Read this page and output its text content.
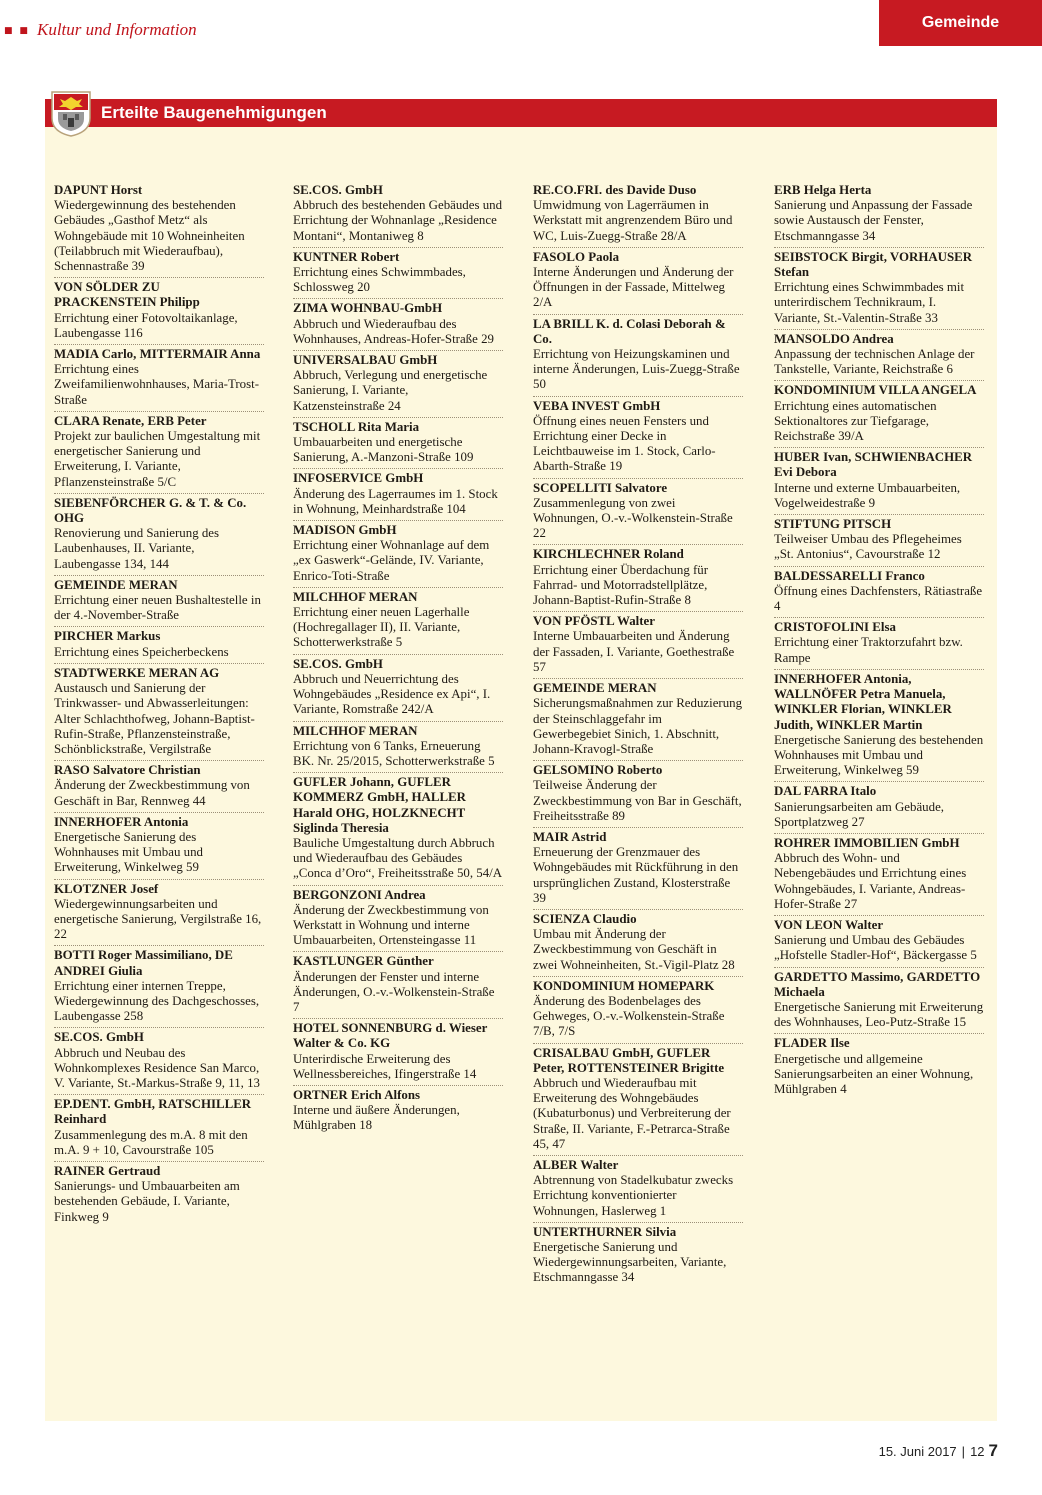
■ ■ Kultur und Information	Gemeinde
Erteilte Baugenehmigungen
DAPUNT Horst
Wiedergewinnung des bestehenden Gebäudes „Gasthof Metz“ als Wohngebäude mit 10 Wohneinheiten (Teilabbruch mit Wiederaufbau), Schennastraße 39
VON SÖLDER ZU PRACKENSTEIN Philipp
Errichtung einer Fotovoltaikanlage, Laubengasse 116
MADIA Carlo, MITTERMAIR Anna
Errichtung eines Zweifamilienwohnhauses, Maria-Trost-Straße
CLARA Renate, ERB Peter
Projekt zur baulichen Umgestaltung mit energetischer Sanierung und Erweiterung, I. Variante, Pflanzensteinstraße 5/C
SIEBENFÖRCHER G. & T. & Co. OHG
Renovierung und Sanierung des Laubenhauses, II. Variante, Laubengasse 134, 144
GEMEINDE MERAN
Errichtung einer neuen Bushaltestelle in der 4.-November-Straße
PIRCHER Markus
Errichtung eines Speicherbeckens
STADTWERKE MERAN AG
Austausch und Sanierung der Trinkwasser- und Abwasserleitungen: Alter Schlachthofweg, Johann-Baptist-Rufin-Straße, Pflanzensteinstraße, Schönblickstraße, Vergilstraße
RASO Salvatore Christian
Änderung der Zweckbestimmung von Geschäft in Bar, Rennweg 44
INNERHOFER Antonia
Energetische Sanierung des Wohnhauses mit Umbau und Erweiterung, Winkelweg 59
KLOTZNER Josef
Wiedergewinnungsarbeiten und energetische Sanierung, Vergilstraße 16, 22
BOTTI Roger Massimiliano, DE ANDREI Giulia
Errichtung einer internen Treppe, Wiedergewinnung des Dachgeschosses, Laubengasse 258
SE.COS. GmbH
Abbruch und Neubau des Wohnkomplexes Residence San Marco, V. Variante, St.-Markus-Straße 9, 11, 13
EP.DENT. GmbH, RATSCHILLER Reinhard
Zusammenlegung des m.A. 8 mit den m.A. 9 + 10, Cavourstraße 105
RAINER Gertraud
Sanierungs- und Umbauarbeiten am bestehenden Gebäude, I. Variante, Finkweg 9
SE.COS. GmbH
Abbruch des bestehenden Gebäudes und Errichtung der Wohnanlage „Residence Montani“, Montaniweg 8
KUNTNER Robert
Errichtung eines Schwimmbades, Schlossweg 20
ZIMA WOHNBAU-GmbH
Abbruch und Wiederaufbau des Wohnhauses, Andreas-Hofer-Straße 29
UNIVERSALBAU GmbH
Abbruch, Verlegung und energetische Sanierung, I. Variante, Katzensteinstraße 24
TSCHOLL Rita Maria
Umbauarbeiten und energetische Sanierung, A.-Manzoni-Straße 109
INFOSERVICE GmbH
Änderung des Lagerraumes im 1. Stock in Wohnung, Meinhardstraße 104
MADISON GmbH
Errichtung einer Wohnanlage auf dem „ex Gaswerk“-Gelände, IV. Variante, Enrico-Toti-Straße
MILCHHOF MERAN
Errichtung einer neuen Lagerhalle (Hochregallager II), II. Variante, Schotterwerkstraße 5
SE.COS. GmbH
Abbruch und Neuerrichtung des Wohngebäudes „Residence ex Api“, I. Variante, Romstraße 242/A
MILCHHOF MERAN
Errichtung von 6 Tanks, Erneuerung BK. Nr. 25/2015, Schotterwerkstraße 5
GUFLER Johann, GUFLER KOMMERZ GmbH, HALLER Harald OHG, HOLZKNECHT Siglinda Theresia
Bauliche Umgestaltung durch Abbruch und Wiederaufbau des Gebäudes „Conca d’Oro“, Freiheitsstraße 50, 54/A
BERGONZONI Andrea
Änderung der Zweckbestimmung von Werkstatt in Wohnung und interne Umbauarbeiten, Ortensteingasse 11
KASTLUNGER Günther
Änderungen der Fenster und interne Änderungen, O.-v.-Wolkenstein-Straße 7
HOTEL SONNENBURG d. Wieser Walter & Co. KG
Unterirdische Erweiterung des Wellnessbereiches, Ifingerstraße 14
ORTNER Erich Alfons
Interne und äußere Änderungen, Mühlgraben 18
RE.CO.FRI. des Davide Duso
Umwidmung von Lagerräumen in Werkstatt mit angrenzendem Büro und WC, Luis-Zuegg-Straße 28/A
FASOLO Paola
Interne Änderungen und Änderung der Öffnungen in der Fassade, Mittelweg 2/A
LA BRILL K. d. Colasi Deborah & Co.
Errichtung von Heizungskaminen und interne Änderungen, Luis-Zuegg-Straße 50
VEBA INVEST GmbH
Öffnung eines neuen Fensters und Errichtung einer Decke in Leichtbauweise im 1. Stock, Carlo-Abarth-Straße 19
SCOPELLITI Salvatore
Zusammenlegung von zwei Wohnungen, O.-v.-Wolkenstein-Straße 22
KIRCHLECHNER Roland
Errichtung einer Überdachung für Fahrrad- und Motorradstellplätze, Johann-Baptist-Rufin-Straße 8
VON PFÖSTL Walter
Interne Umbauarbeiten und Änderung der Fassaden, I. Variante, Goethestraße 57
GEMEINDE MERAN
Sicherungsmaßnahmen zur Reduzierung der Steinschlaggefahr im Gewerbegebiet Sinich, 1. Abschnitt, Johann-Kravogl-Straße
GELSOMINO Roberto
Teilweise Änderung der Zweckbestimmung von Bar in Geschäft, Freiheitsstraße 89
MAIR Astrid
Erneuerung der Grenzmauer des Wohngebäudes mit Rückführung in den ursprünglichen Zustand, Klosterstraße 39
SCIENZA Claudio
Umbau mit Änderung der Zweckbestimmung von Geschäft in zwei Wohneinheiten, St.-Vigil-Platz 28
KONDOMINIUM HOMEPARK
Änderung des Bodenbelages des Gehweges, O.-v.-Wolkenstein-Straße 7/B, 7/S
CRISALBAU GmbH, GUFLER Peter, ROTTENSTEINER Brigitte
Abbruch und Wiederaufbau mit Erweiterung des Wohngebäudes (Kubaturbonus) und Verbreiterung der Straße, II. Variante, F.-Petrarca-Straße 45, 47
ALBER Walter
Abtrennung von Stadelkubatur zwecks Errichtung konventionierter Wohnungen, Haslerweg 1
UNTERTHURNER Silvia
Energetische Sanierung und Wiedergewinnungsarbeiten, Variante, Etschmanngasse 34
ERB Helga Herta
Sanierung und Anpassung der Fassade sowie Austausch der Fenster, Etschmanngasse 34
SEIBSTOCK Birgit, VORHAUSER Stefan
Errichtung eines Schwimmbades mit unterirdischem Technikraum, I. Variante, St.-Valentin-Straße 33
MANSOLDO Andrea
Anpassung der technischen Anlage der Tankstelle, Variante, Reichstraße 6
KONDOMINIUM VILLA ANGELA
Errichtung eines automatischen Sektionaltores zur Tiefgarage, Reichstraße 39/A
HUBER Ivan, SCHWIENBACHER Evi Debora
Interne und externe Umbauarbeiten, Vogelweidestraße 9
STIFTUNG PITSCH
Teilweiser Umbau des Pflegeheimes „St. Antonius“, Cavourstraße 12
BALDESSARELLI Franco
Öffnung eines Dachfensters, Rätiastraße 4
CRISTOFOLINI Elsa
Errichtung einer Traktorzufahrt bzw. Rampe
INNERHOFER Antonia, WALLNÖFER Petra Manuela, WINKLER Florian, WINKLER Judith, WINKLER Martin
Energetische Sanierung des bestehenden Wohnhauses mit Umbau und Erweiterung, Winkelweg 59
DAL FARRA Italo
Sanierungsarbeiten am Gebäude, Sportplatzweg 27
ROHRER IMMOBILIEN GmbH
Abbruch des Wohn- und Nebengebäudes und Errichtung eines Wohngebäudes, I. Variante, Andreas-Hofer-Straße 27
VON LEON Walter
Sanierung und Umbau des Gebäudes „Hofstelle Stadler-Hof“, Bäckergasse 5
GARDETTO Massimo, GARDETTO Michaela
Energetische Sanierung mit Erweiterung des Wohnhauses, Leo-Putz-Straße 15
FLADER Ilse
Energetische und allgemeine Sanierungsarbeiten an einer Wohnung, Mühlgraben 4
15. Juni 2017 | 12 7
